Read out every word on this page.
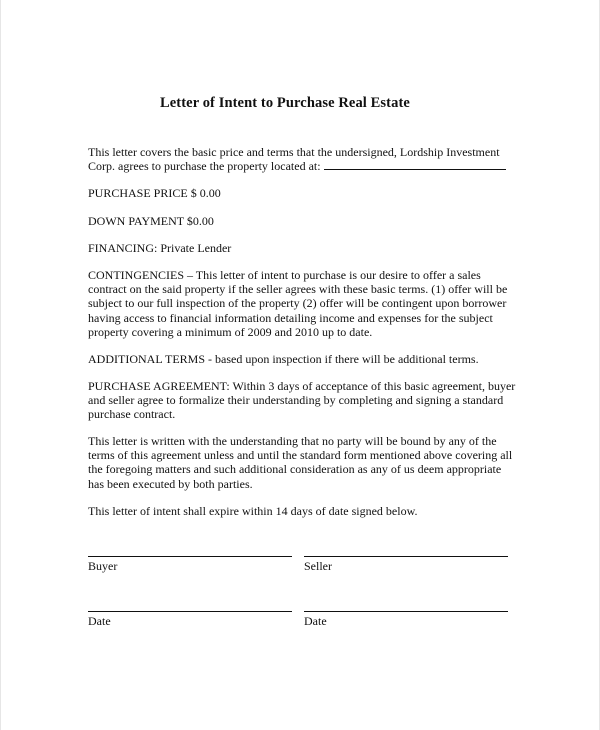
Letter of Intent to Purchase Real Estate

This letter covers the basic price and terms that the undersigned, Lordship Investment
Corp. agrees to purchase the property located at:

PURCHASE PRICE $ 0.00

DOWN PAYMENT $0.00

FINANCING: Private Lender

CONTINGENCIES – This letter of intent to purchase is our desire to offer a sales
contract on the said property if the seller agrees with these basic terms. (1) offer will be
subject to our full inspection of the property (2) offer will be contingent upon borrower
having access to financial information detailing income and expenses for the subject
property covering a minimum of 2009 and 2010 up to date.

ADDITIONAL TERMS - based upon inspection if there will be additional terms.

PURCHASE AGREEMENT: Within 3 days of acceptance of this basic agreement, buyer
and seller agree to formalize their understanding by completing and signing a standard
purchase contract.

This letter is written with the understanding that no party will be bound by any of the
terms of this agreement unless and until the standard form mentioned above covering all
the foregoing matters and such additional consideration as any of us deem appropriate
has been executed by both parties.

This letter of intent shall expire within 14 days of date signed below.

Buyer	Seller
Date	Date
